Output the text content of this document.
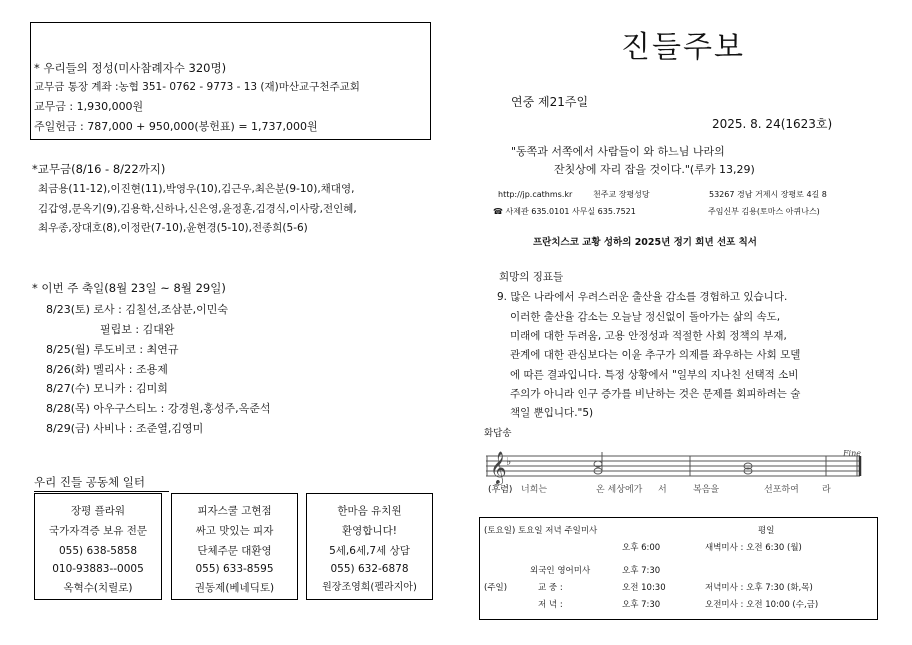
* 우리들의 정성(미사참례자수 320명)
교무금 통장 계좌 :농협 351- 0762 - 9773 - 13 (재)마산교구천주교회
교무금 : 1,930,000원
주일헌금 : 787,000 + 950,000(봉헌표) = 1,737,000원
*교무금(8/16 - 8/22까지)
최금용(11-12),이진현(11),박영우(10),김근우,최은분(9-10),채대영,
김갑영,문옥기(9),김용학,신하나,신은영,윤정훈,김경식,이사랑,전인혜,
최우종,장대호(8),이정란(7-10),윤현경(5-10),전종희(5-6)
* 이번 주 축일(8월 23일 ~ 8월 29일)
8/23(토) 로사 : 김칠선,조삼분,이민숙
필립보 : 김대완
8/25(월) 루도비코 : 최연규
8/26(화) 멜리사 : 조용제
8/27(수) 모니카 : 김미희
8/28(목) 아우구스티노 : 강경원,홍성주,옥준석
8/29(금) 사비나 : 조준열,김영미
우리 진들 공동체 일터
장평 플라워
국가자격증 보유 전문
055) 638-5858
010-93883--0005
옥혁수(치릴로)
피자스쿨 고현점
싸고 맛있는 피자
단체주문 대환영
055) 633-8595
권동제(베네딕토)
한마음 유치원
환영합니다!
5세,6세,7세 상담
055) 632-6878
원장조영희(펠라지아)
진들주보
연중 제21주일
2025. 8. 24(1623호)
"동쪽과 서쪽에서 사람들이 와 하느님 나라의
잔칫상에 자리 잡을 것이다."(루카 13,29)
http://jp.cathms.kr	천주교 장평성당	53267 경남 거제시 장평로 4길 8
☎ 사제관 635.0101 사무실 635.7521	주임신부 김용(토마스 아퀴나스)
프란치스코 교황 성하의 2025년 정기 희년 선포 칙서
희망의 징표들
9. 많은 나라에서 우려스러운 출산율 감소를 경험하고 있습니다.
이러한 출산율 감소는 오늘날 정신없이 돌아가는 삶의 속도,
미래에 대한 두려움, 고용 안정성과 적절한 사회 정책의 부재,
관계에 대한 관심보다는 이윤 추구가 의제를 좌우하는 사회 모델
에 따른 결과입니다. 특정 상황에서 "일부의 지나친 선택적 소비
주의가 아니라 인구 증가를 비난하는 것은 문제를 회피하려는 술
책일 뿐입니다."5)
화답송
𝄞 ♭
Fine
(후렴) 너희는	온 세상에가 서	복음을	선포하여	라
(토요일) 토요일 저녁 주일미사	평일
오후 6:00	새벽미사 : 오전 6:30 (월)
외국인 영어미사	오후 7:30
(주일)	교 중 :	오전 10:30	저녁미사 : 오후 7:30 (화,목)
저 녁 :	오후 7:30	오전미사 : 오전 10:00 (수,금)
